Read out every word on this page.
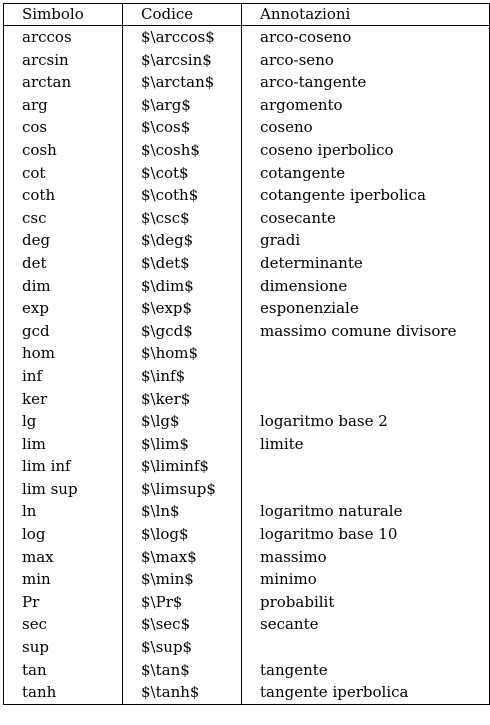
Simbolo	Codice	Annotazioni
arccos	$\arccos$	arco-coseno
arcsin	$\arcsin$	arco-seno
arctan	$\arctan$	arco-tangente
arg	$\arg$	argomento
cos	$\cos$	coseno
cosh	$\cosh$	coseno iperbolico
cot	$\cot$	cotangente
coth	$\coth$	cotangente iperbolica
csc	$\csc$	cosecante
deg	$\deg$	gradi
det	$\det$	determinante
dim	$\dim$	dimensione
exp	$\exp$	esponenziale
gcd	$\gcd$	massimo comune divisore
hom	$\hom$	
inf	$\inf$	
ker	$\ker$	
lg	$\lg$	logaritmo base 2
lim	$\lim$	limite
lim inf	$\liminf$	
lim sup	$\limsup$	
ln	$\ln$	logaritmo naturale
log	$\log$	logaritmo base 10
max	$\max$	massimo
min	$\min$	minimo
Pr	$\Pr$	probabilit
sec	$\sec$	secante
sup	$\sup$	
tan	$\tan$	tangente
tanh	$\tanh$	tangente iperbolica
